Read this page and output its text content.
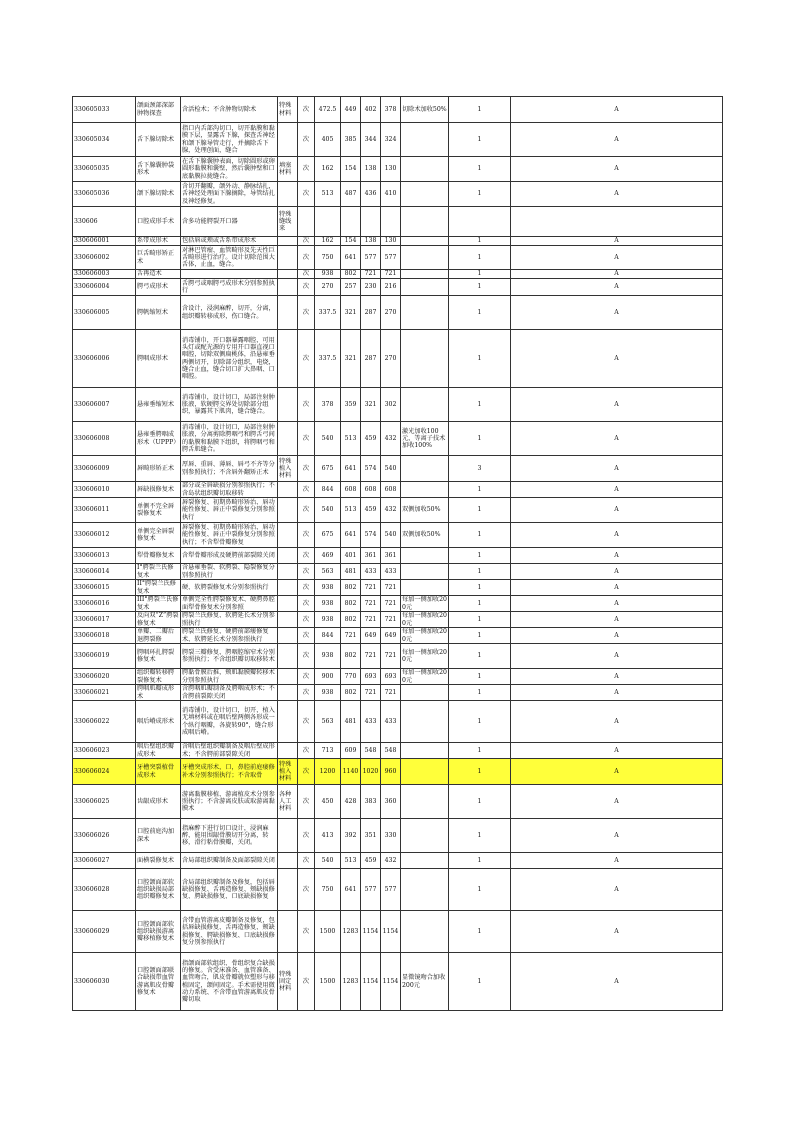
330605033	颌面颈部深部肿物探查	含活检术；不含肿物切除术	特殊材料	次	472.5	449	402	378	切除术加收50%	1	A
330605034	舌下腺切除术	指口内舌部沟切口，切开黏膜和黏膜下层，显露舌下腺，探查舌神经和颌下腺导管走行，并摘除舌下腺，处理创面，缝合		次	405	385	344	324		1	A
330605035	舌下腺囊肿袋形术	在舌下腺囊肿表面，切除圆形或卵圆形黏膜和囊壁，然后囊肿壁和口底黏膜拉拢缝合。	填塞材料	次	162	154	138	130		1	A
330605036	颌下腺切除术	含切开翻瓣，颌外动、静脉结扎，舌神经处理面下腺摘除，导管结扎及神经修复。		次	513	487	436	410		1	A
330606	口腔成形手术	含多功能腭裂开口器	特殊缝线来								
330606001	系带成形术	包括唇或颊或舌系带成形术		次	162	154	138	130		1	A
330606002	巨舌畸形矫正术	对淋巴管瘤、血管畸形及先天性巨舌畸形进行治疗。设计切除范围大舌体，止血，缝合。		次	750	641	577	577		1	A
330606003	舌再造术			次	938	802	721	721		1	A
330606004	腭弓成形术	舌腭弓或咽腭弓成形术分别参照执行		次	270	257	230	216		1	A
330606005	腭帆缩短术	含设计，浸润麻醉，切开，分离，组织瓣转移成形，伤口缝合。		次	337.5	321	287	270		1	A
330606006	腭咽成形术	消毒铺巾，开口器暴露咽腔，可用头灯或配光源的专用开口器直视口咽腔，切除双侧扁桃体，沿悬雍垂两侧切开，切除部分组织，电烧，缝合止血，缝合切口扩大鼻咽、口咽腔。		次	337.5	321	287	270		1	A
330606007	悬雍垂缩短术	消毒铺巾，设计切口，局部注射肿胀液，软硬腭交界处切除部分组织，暴露其下肌肉，缝合缝合。		次	378	359	321	302		1	A
330606008	悬雍垂腭咽成形术（UPPP）	消毒铺巾，设计切口，局部注射肿胀液，分离剪除腭咽弓和腭舌弓间的黏膜和黏膜下组织，将腭咽弓和腭舌肌缝合。		次	540	513	459	432	激光加收100元，等离子技术加收100%	1	A
330606009	唇畸形矫正术	厚唇、重唇、薄唇、唇弓不齐等分别参照执行；不含唇外翻矫正术	特殊植入材料	次	675	641	574	540		3	A
330606010	唇缺损修复术	部分或全唇缺损分别参照执行；不含岛状组织瓣切取移转		次	844	608	608	608		1	A
330606011	单侧不完全唇裂修复术	唇裂修复、初期鼻畸形矫治、唇功能性修复、唇正中裂修复分别参照执行		次	540	513	459	432	双侧加收50%	1	A
330606012	单侧完全唇裂修复术	唇裂修复、初期鼻畸形矫治、唇功能性修复、唇正中裂修复分别参照执行；不含犁骨瓣修复		次	675	641	574	540	双侧加收50%	1	A
330606013	犁骨瓣修复术	含犁骨瓣形成及硬腭前部裂隙关闭		次	469	401	361	361		1	A
330606014	I°腭裂兰氏修复术	含悬雍垂裂、软腭裂、隐裂修复分别参照执行		次	563	481	433	433		1	A
330606015	II°腭裂兰氏修复术	硬、软腭裂修复术分别参照执行		次	938	802	721	721		1	A
330606016	III°腭裂兰氏修复术	单侧完全性腭裂修复术、硬腭鼻腔面犁骨修复术分别参照		次	938	802	721	721	每加一侧加收200元	1	A
330606017	反向双“Z”腭裂修复术	腭裂兰氏修复、软腭延长术分别参照执行		次	938	802	721	721	每加一侧加收200元	1	A
330606018	单瓣、二瓣后退腭裂修	腭裂兰氏修复、硬腭前部瘘修复术、软腭延长术分别参照执行		次	844	721	649	649	每加一侧加收200元	1	A
330606019	腭咽环扎腭裂修复术	腭裂三瓣修复、腭咽腔缩窄术分别参照执行；不含组织瓣切取移转术		次	938	802	721	721	每加一侧加收200元	1	A
330606020	组织瓣转移腭裂修复术	腭黏骨膜后推，颊肌黏膜瓣转移术分别参照执行		次	900	770	693	693	每加一侧加收200元	1	A
330606021	腭咽肌瓣成形术	含腭咽肌瓣制备及腭咽成形术；不含腭前裂隙关闭		次	938	802	721	721		1	A
330606022	咽后嵴成形术	消毒铺巾，设计切口，切开，植入无填材料或在咽后壁两侧各形成一个纵行咽瓣，各旋转90°，缝合形成咽后嵴。		次	563	481	433	433		1	A
330606023	咽后壁组织瓣成形术	含咽后壁组织瓣制备及咽后壁成形术；不含腭前部裂隙关闭		次	713	609	548	548		1	A
330606024	牙槽突裂植骨成形术	牙槽突成形术，口，鼻腔前庭瘘修补术分别参照执行；不含取骨	特殊植入材料	次	1200	1140	1020	960		1	A
330606025	齿龈成形术	游离黏膜移植、游离植皮术分别参照执行；不含游离皮肤或取游离黏膜术	各种人工材料	次	450	428	383	360		1	A
330606026	口腔前庭沟加深术	指麻醉下进行切口设计，浸润麻醉，能用围龈骨膜切开分离，转移，滑行粘骨膜瓣，关闭。		次	413	392	351	330		1	A
330606027	面横裂修复术	含局部组织瓣制备及面部裂隙关闭		次	540	513	459	432		1	A
330606028	口腔颌面部软组织缺损局部组织瓣修复术	含局部组织瓣制备及修复，包括唇缺损修复、舌再造修复、颊缺损修复、腭缺损修复、口底缺损修复		次	750	641	577	577		1	A
330606029	口腔颌面部软组织缺损游离瓣移植修复术	含带血管游离皮瓣制备及修复，包括唇缺损修复、舌再造修复、颊缺损修复、腭缺损修复、口底缺损修复分别参照执行		次	1500	1283	1154	1154		1	A
330606030	口腔颌面部联合缺损带血管游离肌皮骨瓣修复术	指颌面部软组织、骨组织复合缺损的修复。含受床准备、血管准备、血管吻合，肌皮骨瓣就位塑形与移植固定，颌间固定。手术需使用微动力系统、不含带血管游离肌皮骨瓣切取	特殊固定材料	次	1500	1283	1154	1154	显微镜吻合加收200元	1	A
